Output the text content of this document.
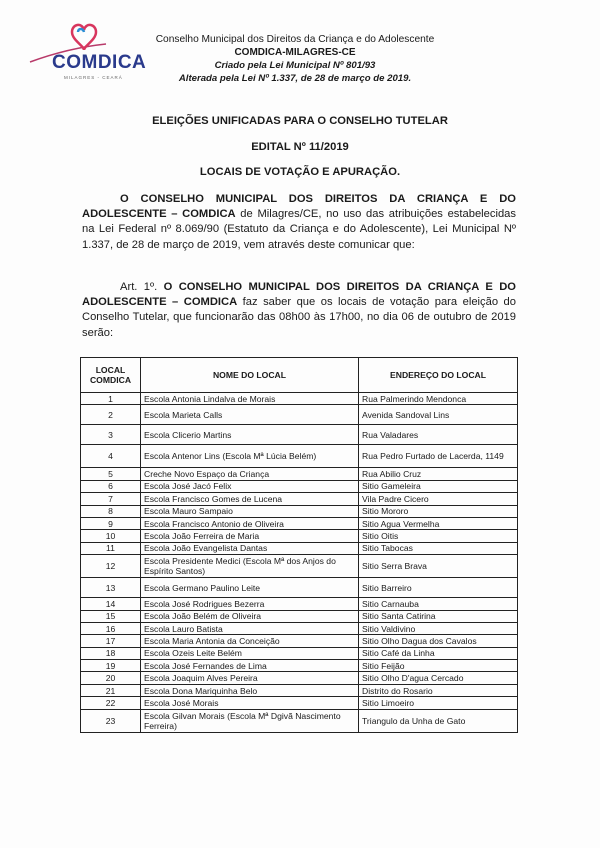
COMDICA
MILAGRES - CEARÁ
Conselho Municipal dos Direitos da Criança e do Adolescente
COMDICA-MILAGRES-CE
Criado pela Lei Municipal Nº 801/93
Alterada pela Lei Nº 1.337, de 28 de março de 2019.
ELEIÇÕES UNIFICADAS PARA O CONSELHO TUTELAR
EDITAL Nº 11/2019
LOCAIS DE VOTAÇÃO E APURAÇÃO.
O CONSELHO MUNICIPAL DOS DIREITOS DA CRIANÇA E DO ADOLESCENTE – COMDICA de Milagres/CE, no uso das atribuições estabelecidas na Lei Federal nº 8.069/90 (Estatuto da Criança e do Adolescente), Lei Municipal Nº 1.337, de 28 de março de 2019, vem através deste comunicar que:
Art. 1º. O CONSELHO MUNICIPAL DOS DIREITOS DA CRIANÇA E DO ADOLESCENTE – COMDICA faz saber que os locais de votação para eleição do Conselho Tutelar, que funcionarão das 08h00 às 17h00, no dia 06 de outubro de 2019 serão:
LOCAL COMDICA	NOME DO LOCAL	ENDEREÇO DO LOCAL
1	Escola Antonia Lindalva de Morais	Rua Palmerindo Mendonca
2	Escola Marieta Calls	Avenida Sandoval Lins
3	Escola Clicerio Martins	Rua Valadares
4	Escola Antenor Lins (Escola Mª Lúcia Belém)	Rua Pedro Furtado de Lacerda, 1149
5	Creche Novo Espaço da Criança	Rua Abilio Cruz
6	Escola José Jacó Felix	Sitio Gameleira
7	Escola Francisco Gomes de Lucena	Vila Padre Cicero
8	Escola Mauro Sampaio	Sitio Mororo
9	Escola Francisco Antonio de Oliveira	Sitio Agua Vermelha
10	Escola João Ferreira de Maria	Sitio Oitis
11	Escola João Evangelista Dantas	Sitio Tabocas
12	Escola Presidente Medici (Escola Mª dos Anjos do Espírito Santos)	Sitio Serra Brava
13	Escola Germano Paulino Leite	Sitio Barreiro
14	Escola José Rodrigues Bezerra	Sitio Carnauba
15	Escola João Belém de Oliveira	Sitio Santa Catirina
16	Escola Lauro Batista	Sitio Valdivino
17	Escola Maria Antonia da Conceição	Sitio Olho Dagua dos Cavalos
18	Escola Ozeis Leite Belém	Sitio Café da Linha
19	Escola José Fernandes de Lima	Sitio Feijão
20	Escola Joaquim Alves Pereira	Sitio Olho D'agua Cercado
21	Escola Dona Mariquinha Belo	Distrito do Rosario
22	Escola José Morais	Sitio Limoeiro
23	Escola Gilvan Morais (Escola Mª Dgivã Nascimento Ferreira)	Triangulo da Unha de Gato
